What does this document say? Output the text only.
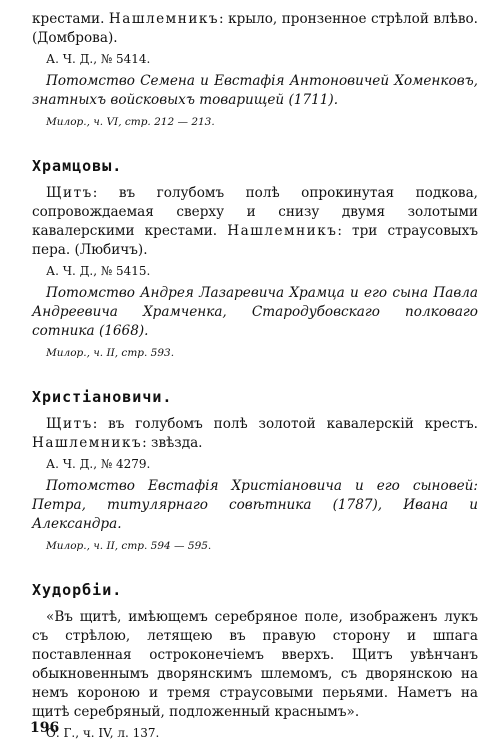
крестами. Нашлемникъ: крыло, пронзенное стрѣлой влѣво. (Домброва).

А. Ч. Д., № 5414.

Потомство Семена и Евстафія Антоновичей Хоменковъ, знатныхъ войсковыхъ товарищей (1711).

Милор., ч. VI, стр. 212 — 213.

Храмцовы.

Щитъ: въ голубомъ полѣ опрокинутая подкова, сопровождаемая сверху и снизу двумя золотыми кавалерскими крестами. Нашлемникъ: три страусовыхъ пера. (Любичъ).

А. Ч. Д., № 5415.

Потомство Андрея Лазаревича Храмца и его сына Павла Андреевича Храмченка, Стародубовскаго полковаго сотника (1668).

Милор., ч. II, стр. 593.

Христіановичи.

Щитъ: въ голубомъ полѣ золотой кавалерскій крестъ. Нашлемникъ: звѣзда.

А. Ч. Д., № 4279.

Потомство Евстафія Христіановича и его сыновей: Петра, титулярнаго совѣтника (1787), Ивана и Александра.

Милор., ч. II, стр. 594 — 595.

Худорбіи.

«Въ щитѣ, имѣющемъ серебряное поле, изображенъ лукъ съ стрѣлою, летящею въ правую сторону и шпага поставленная остроконечіемъ вверхъ. Щитъ увѣнчанъ обыкновеннымъ дворянскимъ шлемомъ, съ дворянскою на немъ короною и тремя страусовыми перьями. Наметъ на щитѣ серебряный, подложенный краснымъ».

О. Г., ч. IV, л. 137.

196
